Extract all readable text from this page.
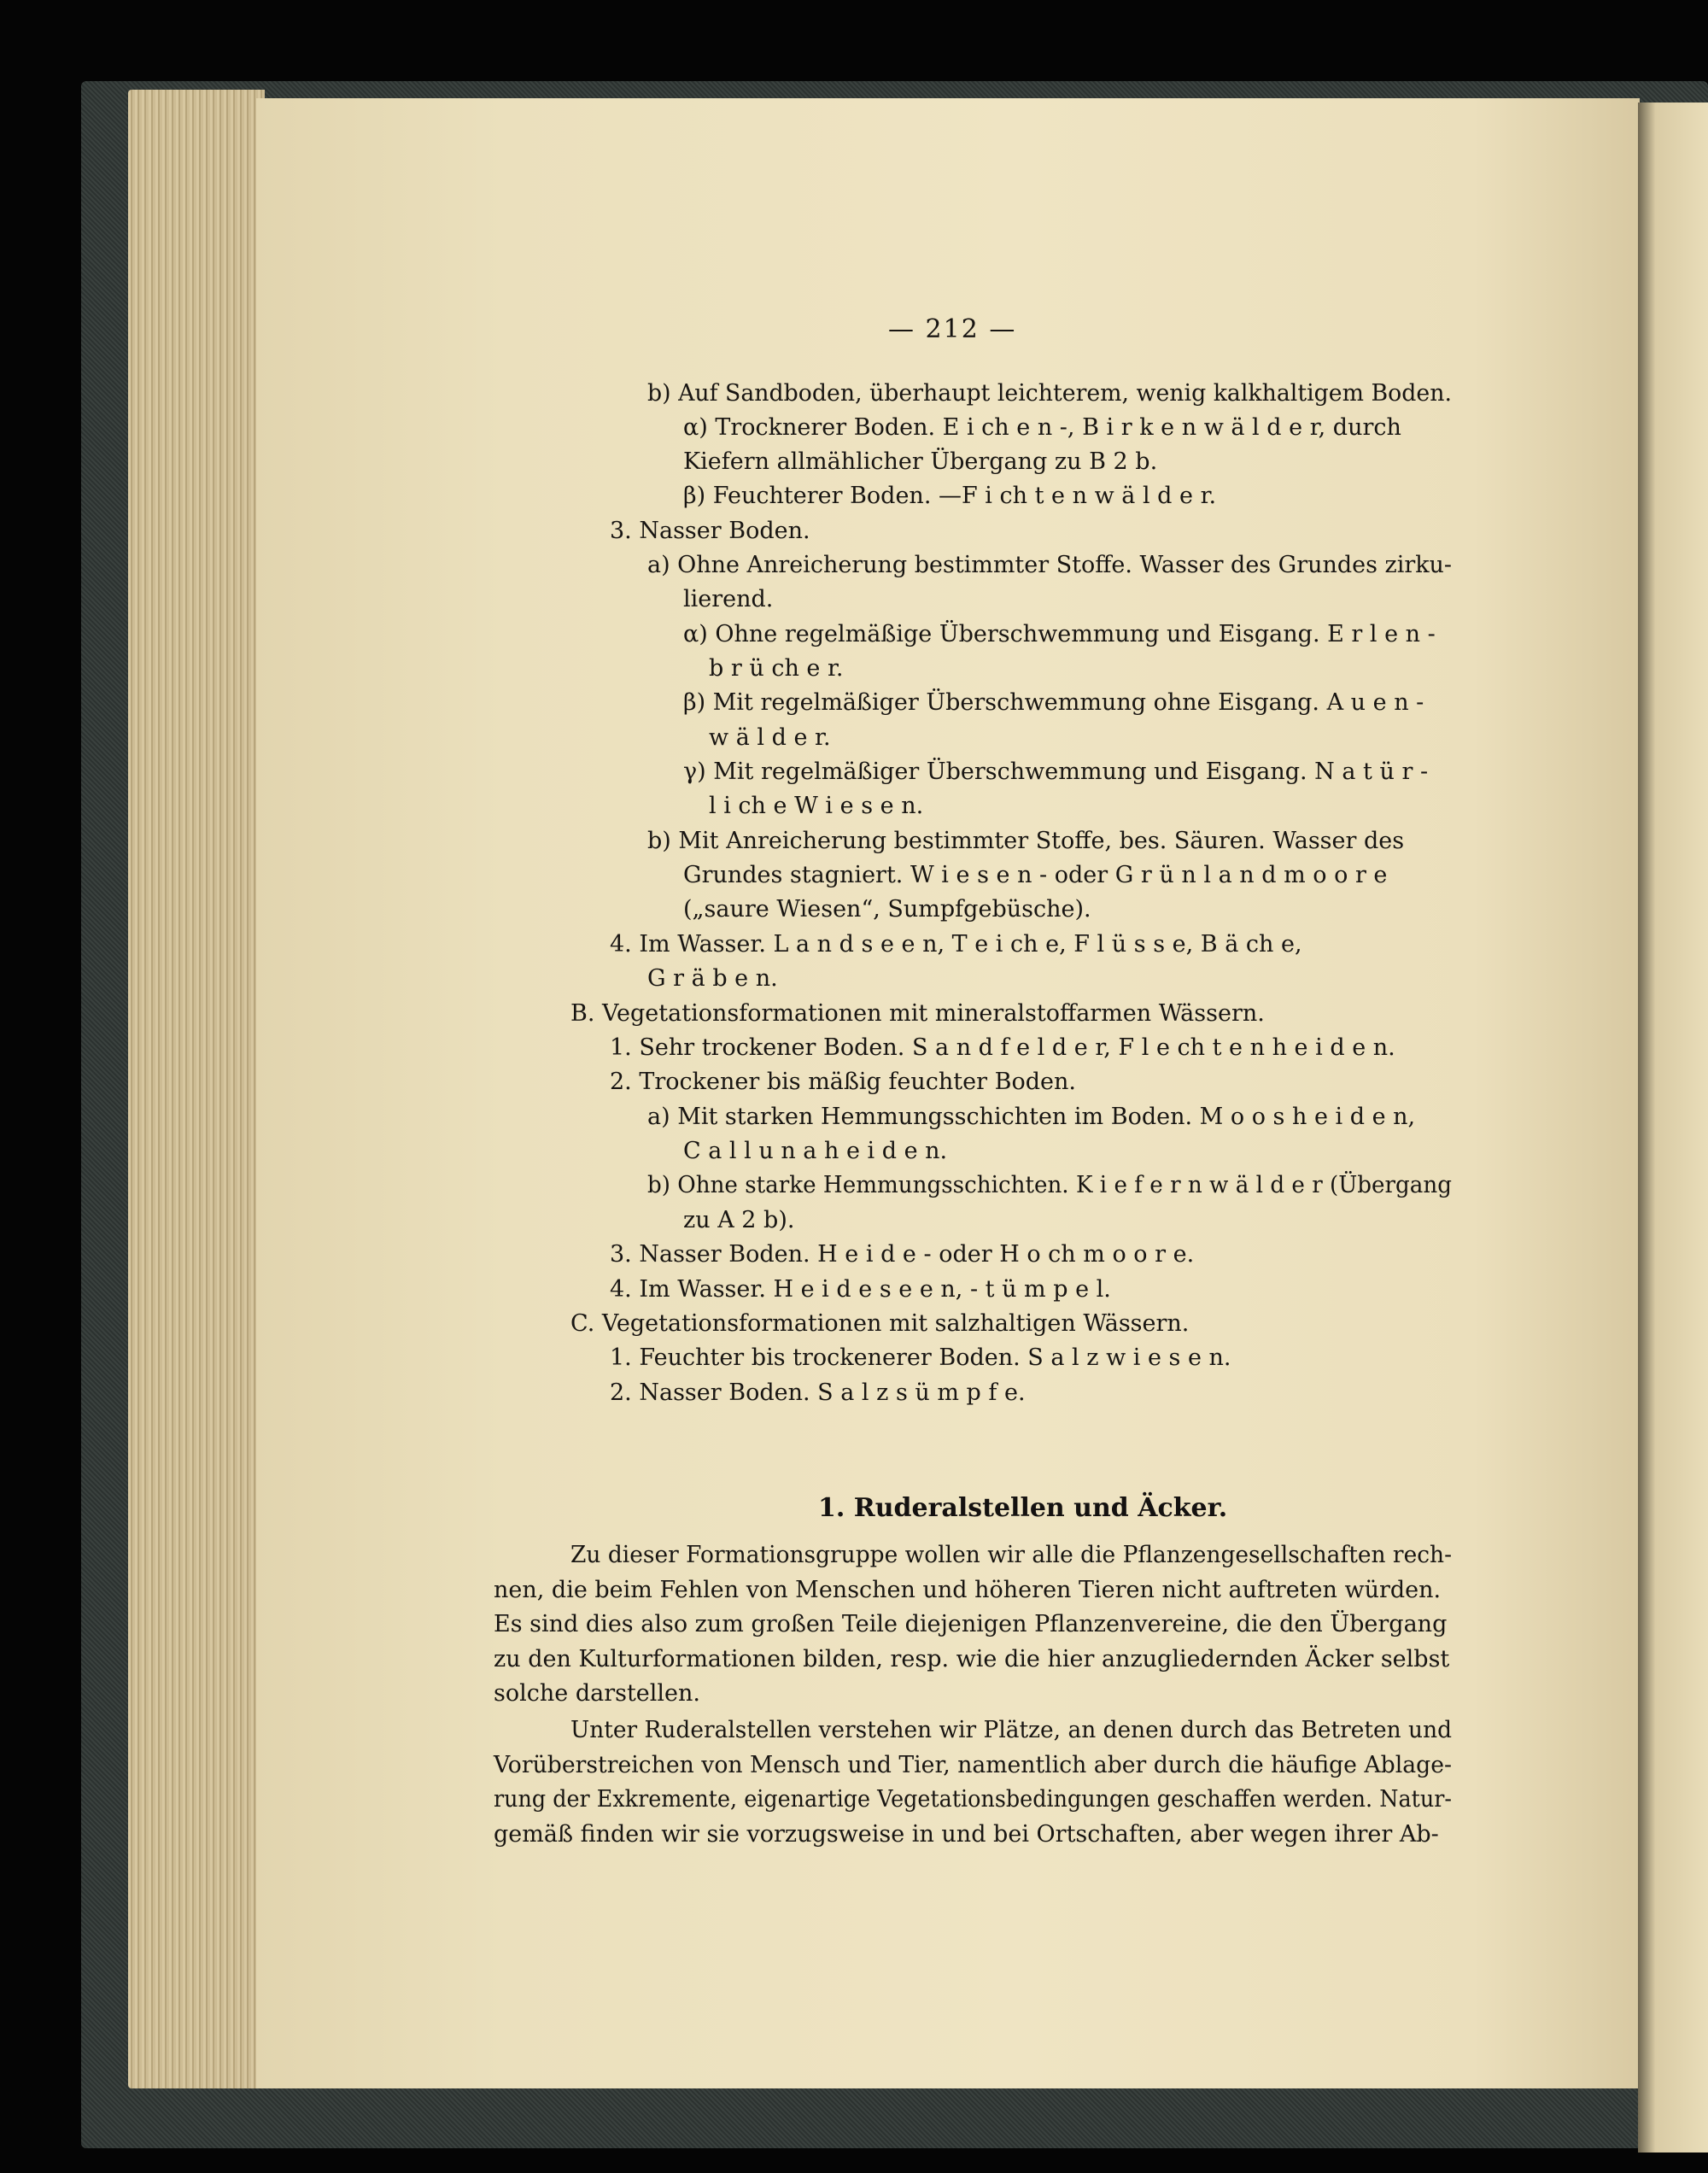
— 212 —
b) Auf Sandboden, überhaupt leichterem, wenig kalkhaltigem Boden.
α) Trocknerer Boden. E i ch e n -, B i r k e n w ä l d e r, durch
Kiefern allmählicher Übergang zu B 2 b.
β) Feuchterer Boden. —F i ch t e n w ä l d e r.
3. Nasser Boden.
a) Ohne Anreicherung bestimmter Stoffe. Wasser des Grundes zirku-
lierend.
α) Ohne regelmäßige Überschwemmung und Eisgang. E r l e n -
b r ü ch e r.
β) Mit regelmäßiger Überschwemmung ohne Eisgang. A u e n -
w ä l d e r.
γ) Mit regelmäßiger Überschwemmung und Eisgang. N a t ü r -
l i ch e W i e s e n.
b) Mit Anreicherung bestimmter Stoffe, bes. Säuren. Wasser des
Grundes stagniert. W i e s e n - oder G r ü n l a n d m o o r e
(„saure Wiesen“, Sumpfgebüsche).
4. Im Wasser. L a n d s e e n, T e i ch e, F l ü s s e, B ä ch e,
G r ä b e n.
B. Vegetationsformationen mit mineralstoffarmen Wässern.
1. Sehr trockener Boden. S a n d f e l d e r, F l e ch t e n h e i d e n.
2. Trockener bis mäßig feuchter Boden.
a) Mit starken Hemmungsschichten im Boden. M o o s h e i d e n,
C a l l u n a h e i d e n.
b) Ohne starke Hemmungsschichten. K i e f e r n w ä l d e r (Übergang
zu A 2 b).
3. Nasser Boden. H e i d e - oder H o ch m o o r e.
4. Im Wasser. H e i d e s e e n, - t ü m p e l.
C. Vegetationsformationen mit salzhaltigen Wässern.
1. Feuchter bis trockenerer Boden. S a l z w i e s e n.
2. Nasser Boden. S a l z s ü m p f e.
1. Ruderalstellen und Äcker.
Zu dieser Formationsgruppe wollen wir alle die Pflanzengesellschaften rech-
nen, die beim Fehlen von Menschen und höheren Tieren nicht auftreten würden.
Es sind dies also zum großen Teile diejenigen Pflanzenvereine, die den Übergang
zu den Kulturformationen bilden, resp. wie die hier anzugliedernden Äcker selbst
solche darstellen.
Unter Ruderalstellen verstehen wir Plätze, an denen durch das Betreten und
Vorüberstreichen von Mensch und Tier, namentlich aber durch die häufige Ablage-
rung der Exkremente, eigenartige Vegetationsbedingungen geschaffen werden. Natur-
gemäß finden wir sie vorzugsweise in und bei Ortschaften, aber wegen ihrer Ab-
